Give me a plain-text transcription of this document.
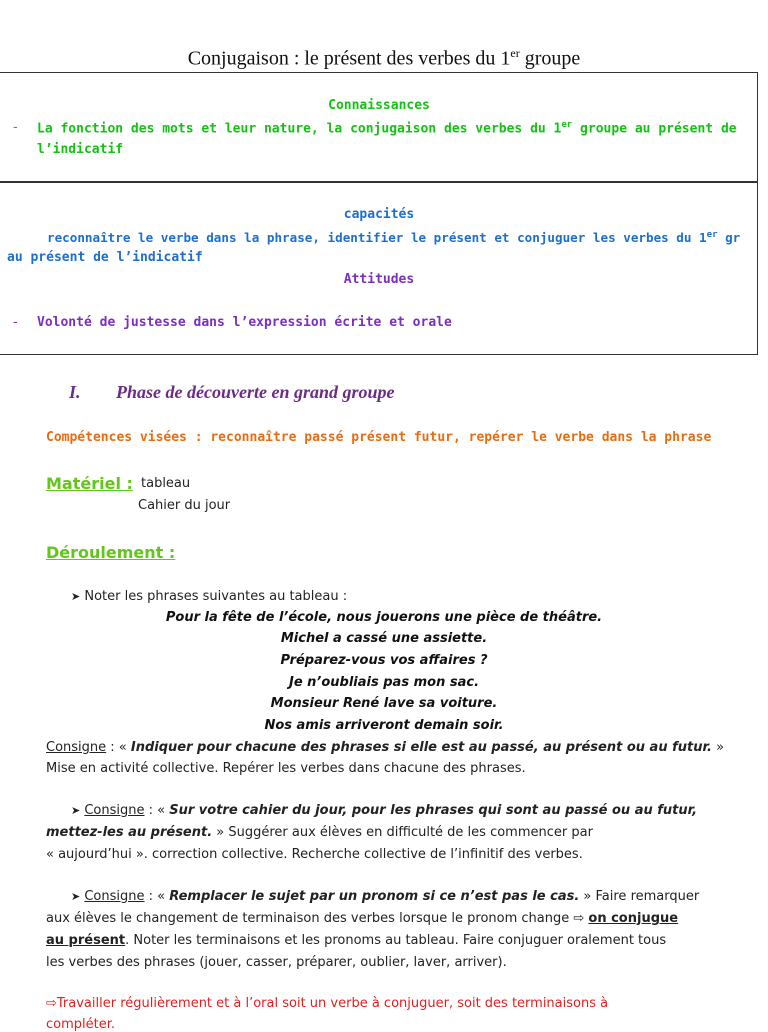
Conjugaison : le présent des verbes du 1er groupe
Connaissances
- La fonction des mots et leur nature, la conjugaison des verbes du 1er groupe au présent de
l’indicatif
capacités
reconnaître le verbe dans la phrase, identifier le présent et conjuguer les verbes du 1er gr
au présent de l’indicatif
Attitudes
- Volonté de justesse dans l’expression écrite et orale
I. Phase de découverte en grand groupe
Compétences visées : reconnaître passé présent futur, repérer le verbe dans la phrase
Matériel : tableau
Cahier du jour
Déroulement :
➤ Noter les phrases suivantes au tableau :
Pour la fête de l’école, nous jouerons une pièce de théâtre.
Michel a cassé une assiette.
Préparez-vous vos affaires ?
Je n’oubliais pas mon sac.
Monsieur René lave sa voiture.
Nos amis arriveront demain soir.
Consigne : « Indiquer pour chacune des phrases si elle est au passé, au présent ou au futur. »
Mise en activité collective. Repérer les verbes dans chacune des phrases.
➤ Consigne : « Sur votre cahier du jour, pour les phrases qui sont au passé ou au futur,
mettez-les au présent. » Suggérer aux élèves en difficulté de les commencer par
« aujourd’hui ». correction collective. Recherche collective de l’infinitif des verbes.
➤ Consigne : « Remplacer le sujet par un pronom si ce n’est pas le cas. » Faire remarquer
aux élèves le changement de terminaison des verbes lorsque le pronom change ⇨ on conjugue
au présent. Noter les terminaisons et les pronoms au tableau. Faire conjuguer oralement tous
les verbes des phrases (jouer, casser, préparer, oublier, laver, arriver).
⇨Travailler régulièrement et à l’oral soit un verbe à conjuguer, soit des terminaisons à
compléter.
